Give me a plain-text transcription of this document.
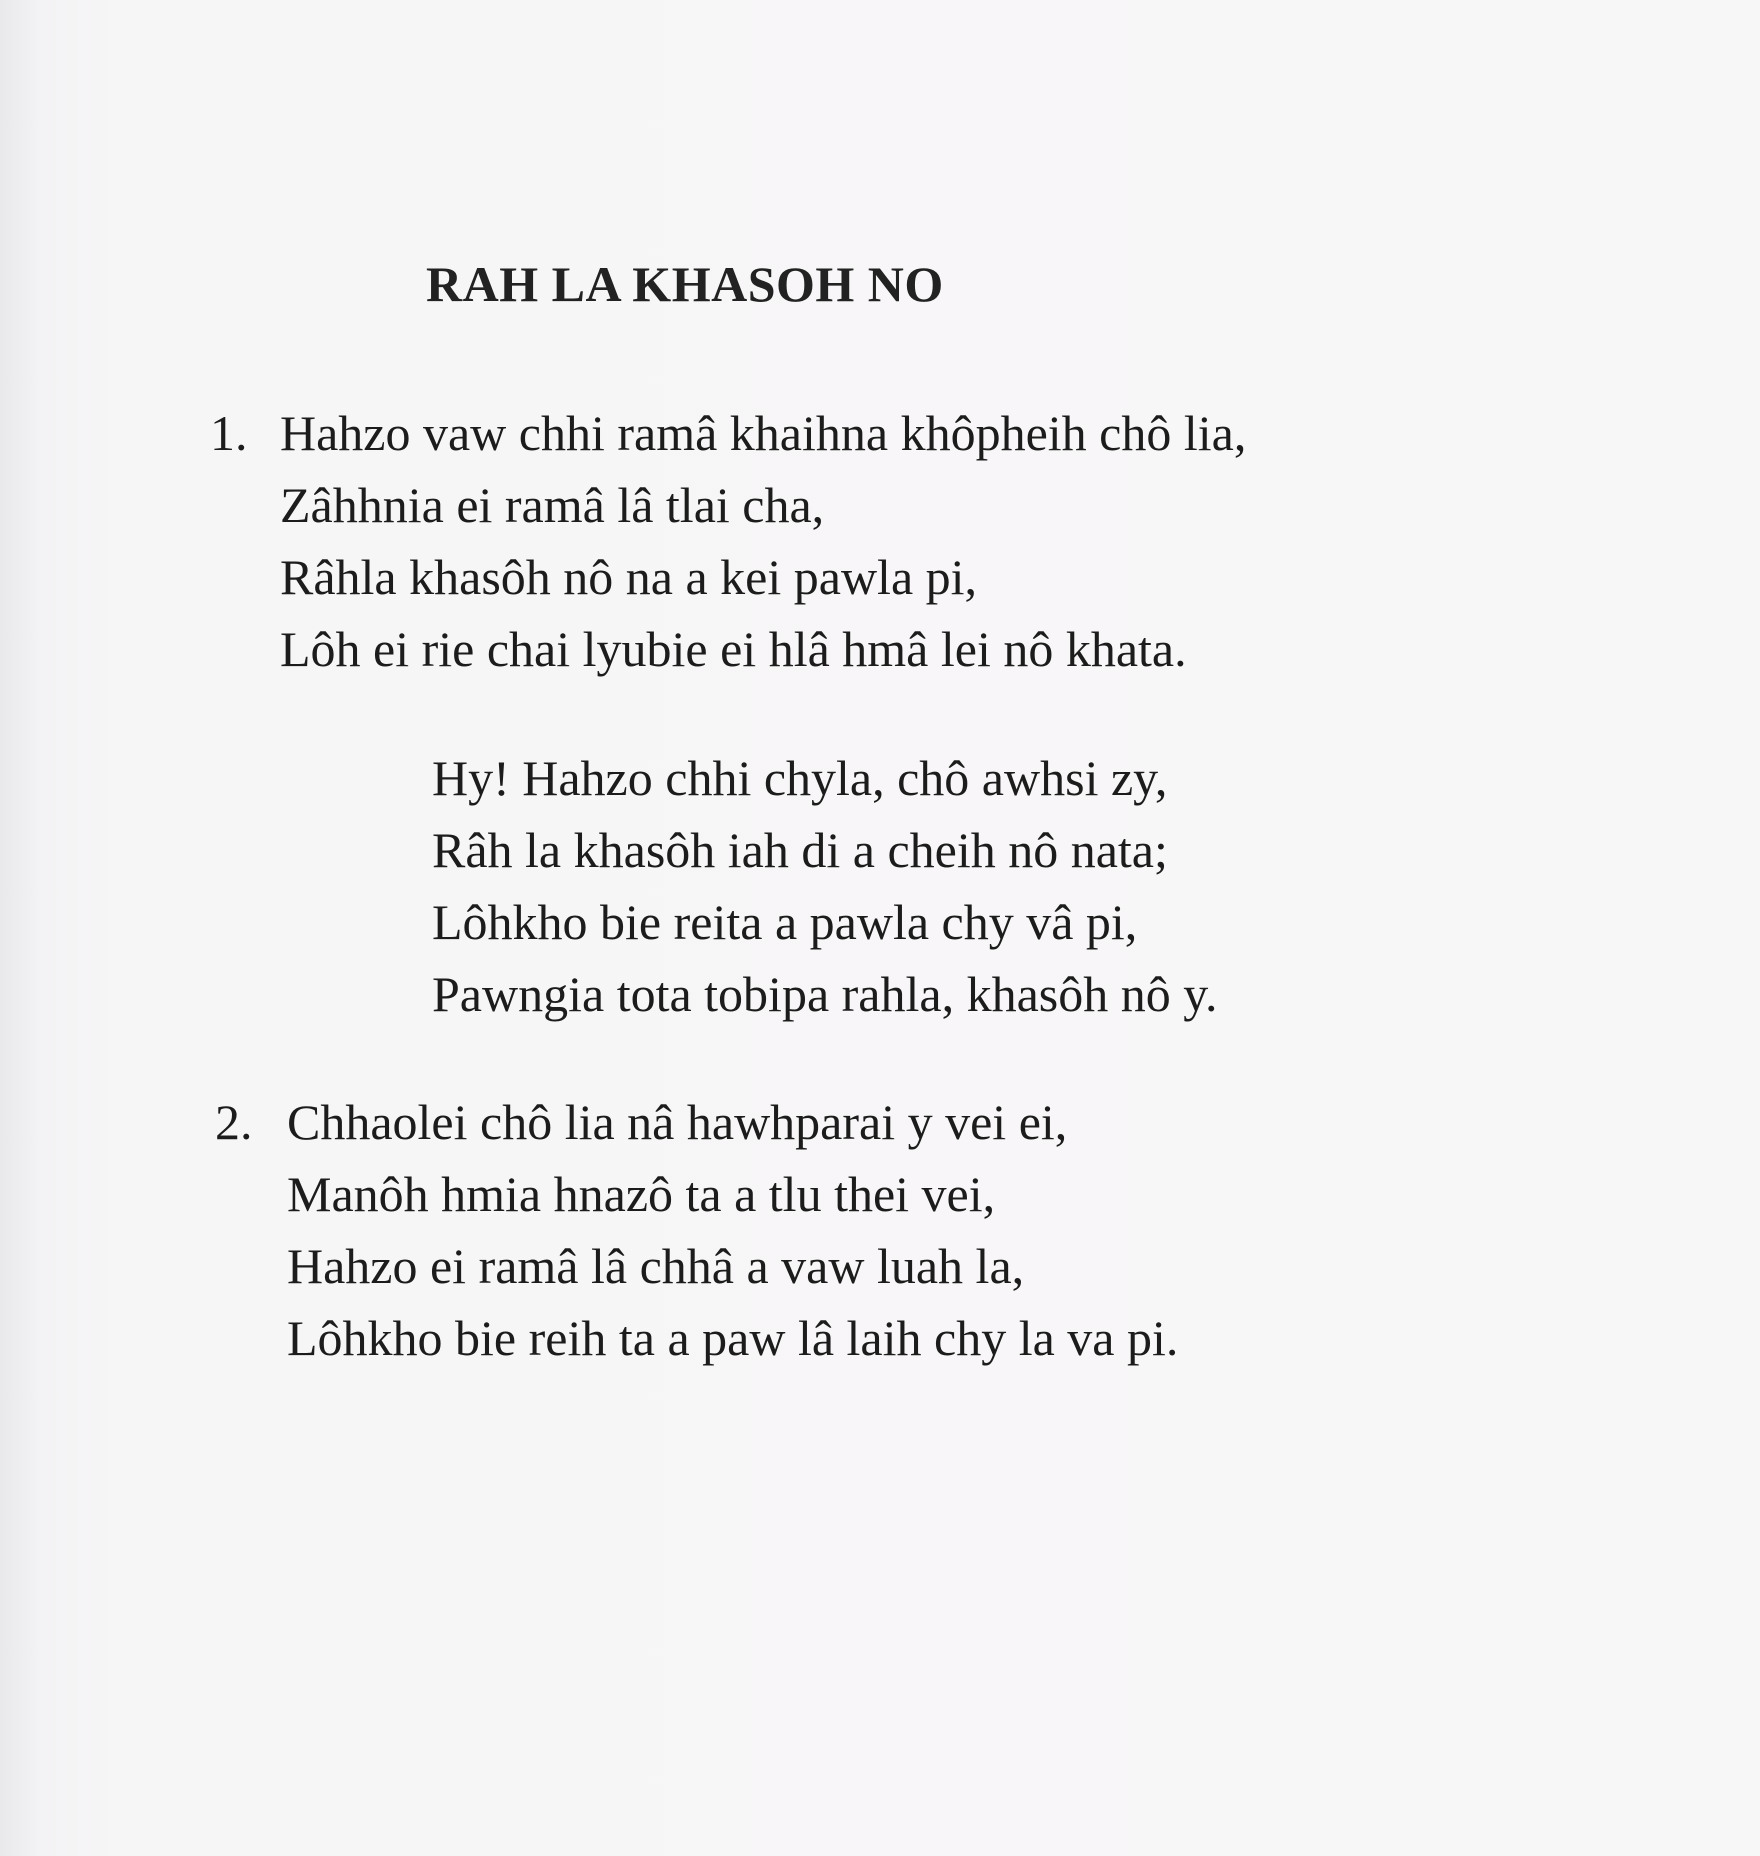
RAH LA KHASOH NO
1. Hahzo vaw chhi ramâ khaihna khôpheih chô lia,
Zâhhnia ei ramâ lâ tlai cha,
Râhla khasôh nô na a kei pawla pi,
Lôh ei rie chai lyubie ei hlâ hmâ lei nô khata.
Hy! Hahzo chhi chyla, chô awhsi zy,
Râh la khasôh iah di a cheih nô nata;
Lôhkho bie reita a pawla chy vâ pi,
Pawngia tota tobipa rahla, khasôh nô y.
2. Chhaolei chô lia nâ hawhparai y vei ei,
Manôh hmia hnazô ta a tlu thei vei,
Hahzo ei ramâ lâ chhâ a vaw luah la,
Lôhkho bie reih ta a paw lâ laih chy la va pi.
